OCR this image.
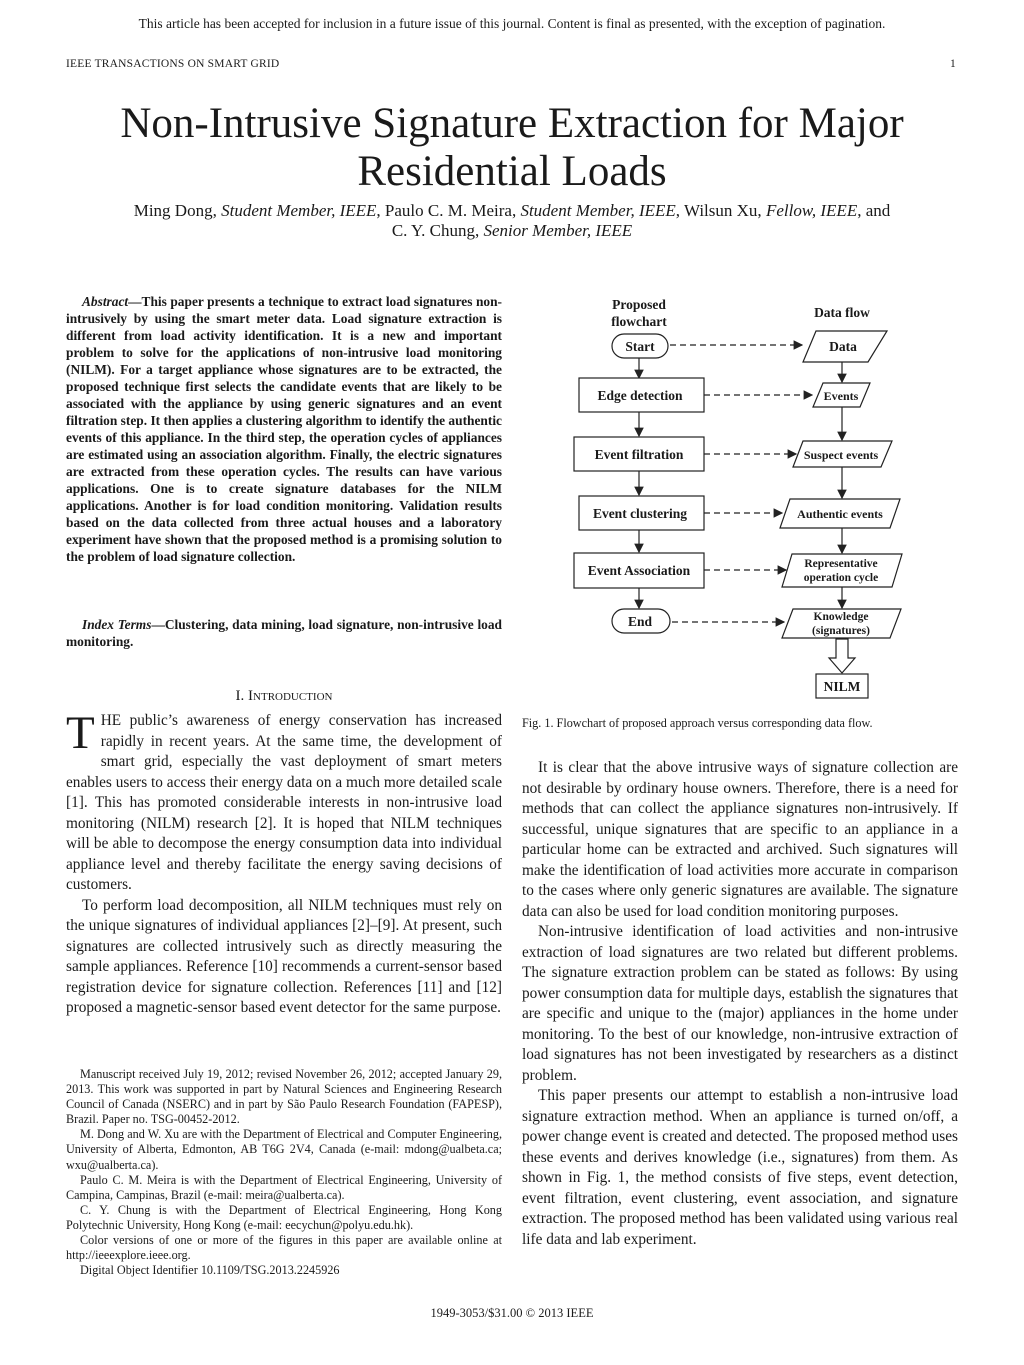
This article has been accepted for inclusion in a future issue of this journal. Content is final as presented, with the exception of pagination.
IEEE TRANSACTIONS ON SMART GRID	1
Non-Intrusive Signature Extraction for Major
Residential Loads
Ming Dong, Student Member, IEEE, Paulo C. M. Meira, Student Member, IEEE, Wilsun Xu, Fellow, IEEE, and
C. Y. Chung, Senior Member, IEEE

Abstract—This paper presents a technique to extract load signatures non-intrusively by using the smart meter data. Load signature extraction is different from load activity identification. It is a new and important problem to solve for the applications of non-intrusive load monitoring (NILM). For a target appliance whose signatures are to be extracted, the proposed technique first selects the candidate events that are likely to be associated with the appliance by using generic signatures and an event filtration step. It then applies a clustering algorithm to identify the authentic events of this appliance. In the third step, the operation cycles of appliances are estimated using an association algorithm. Finally, the electric signatures are extracted from these operation cycles. The results can have various applications. One is to create signature databases for the NILM applications. Another is for load condition monitoring. Validation results based on the data collected from three actual houses and a laboratory experiment have shown that the proposed method is a promising solution to the problem of load signature collection.

Index Terms—Clustering, data mining, load signature, non-intrusive load monitoring.

I. Introduction

THE public’s awareness of energy conservation has increased rapidly in recent years. At the same time, the development of smart grid, especially the vast deployment of smart meters enables users to access their energy data on a much more detailed scale [1]. This has promoted considerable interests in non-intrusive load monitoring (NILM) research [2]. It is hoped that NILM techniques will be able to decompose the energy consumption data into individual appliance level and thereby facilitate the energy saving decisions of customers.

To perform load decomposition, all NILM techniques must rely on the unique signatures of individual appliances [2]–[9]. At present, such signatures are collected intrusively such as directly measuring the sample appliances. Reference [10] recommends a current-sensor based registration device for signature collection. References [11] and [12] proposed a magnetic-sensor based event detector for the same purpose.

Manuscript received July 19, 2012; revised November 26, 2012; accepted January 29, 2013. This work was supported in part by Natural Sciences and Engineering Research Council of Canada (NSERC) and in part by São Paulo Research Foundation (FAPESP), Brazil. Paper no. TSG-00452-2012.

M. Dong and W. Xu are with the Department of Electrical and Computer Engineering, University of Alberta, Edmonton, AB T6G 2V4, Canada (e-mail: mdong@ualbeta.ca; wxu@ualberta.ca).

Paulo C. M. Meira is with the Department of Electrical Engineering, University of Campina, Campinas, Brazil (e-mail: meira@ualberta.ca).

C. Y. Chung is with the Department of Electrical Engineering, Hong Kong Polytechnic University, Hong Kong (e-mail: eecychun@polyu.edu.hk).

Color versions of one or more of the figures in this paper are available online at http://ieeexplore.ieee.org.

Digital Object Identifier 10.1109/TSG.2013.2245926

Proposed
flowchart
Data flow
Start
Edge detection
Event filtration
Event clustering
Event Association
End
Data
Events
Suspect events
Authentic events
Representative
operation cycle
Knowledge
(signatures)
NILM
Fig. 1. Flowchart of proposed approach versus corresponding data flow.

It is clear that the above intrusive ways of signature collection are not desirable by ordinary house owners. Therefore, there is a need for methods that can collect the appliance signatures non-intrusively. If successful, unique signatures that are specific to an appliance in a particular home can be extracted and archived. Such signatures will make the identification of load activities more accurate in comparison to the cases where only generic signatures are available. The signature data can also be used for load condition monitoring purposes.

Non-intrusive identification of load activities and non-intrusive extraction of load signatures are two related but different problems. The signature extraction problem can be stated as follows: By using power consumption data for multiple days, establish the signatures that are specific and unique to the (major) appliances in the home under monitoring. To the best of our knowledge, non-intrusive extraction of load signatures has not been investigated by researchers as a distinct problem.

This paper presents our attempt to establish a non-intrusive load signature extraction method. When an appliance is turned on/off, a power change event is created and detected. The proposed method uses these events and derives knowledge (i.e., signatures) from them. As shown in Fig. 1, the method consists of five steps, event detection, event filtration, event clustering, event association, and signature extraction. The proposed method has been validated using various real life data and lab experiment.

1949-3053/$31.00 © 2013 IEEE
